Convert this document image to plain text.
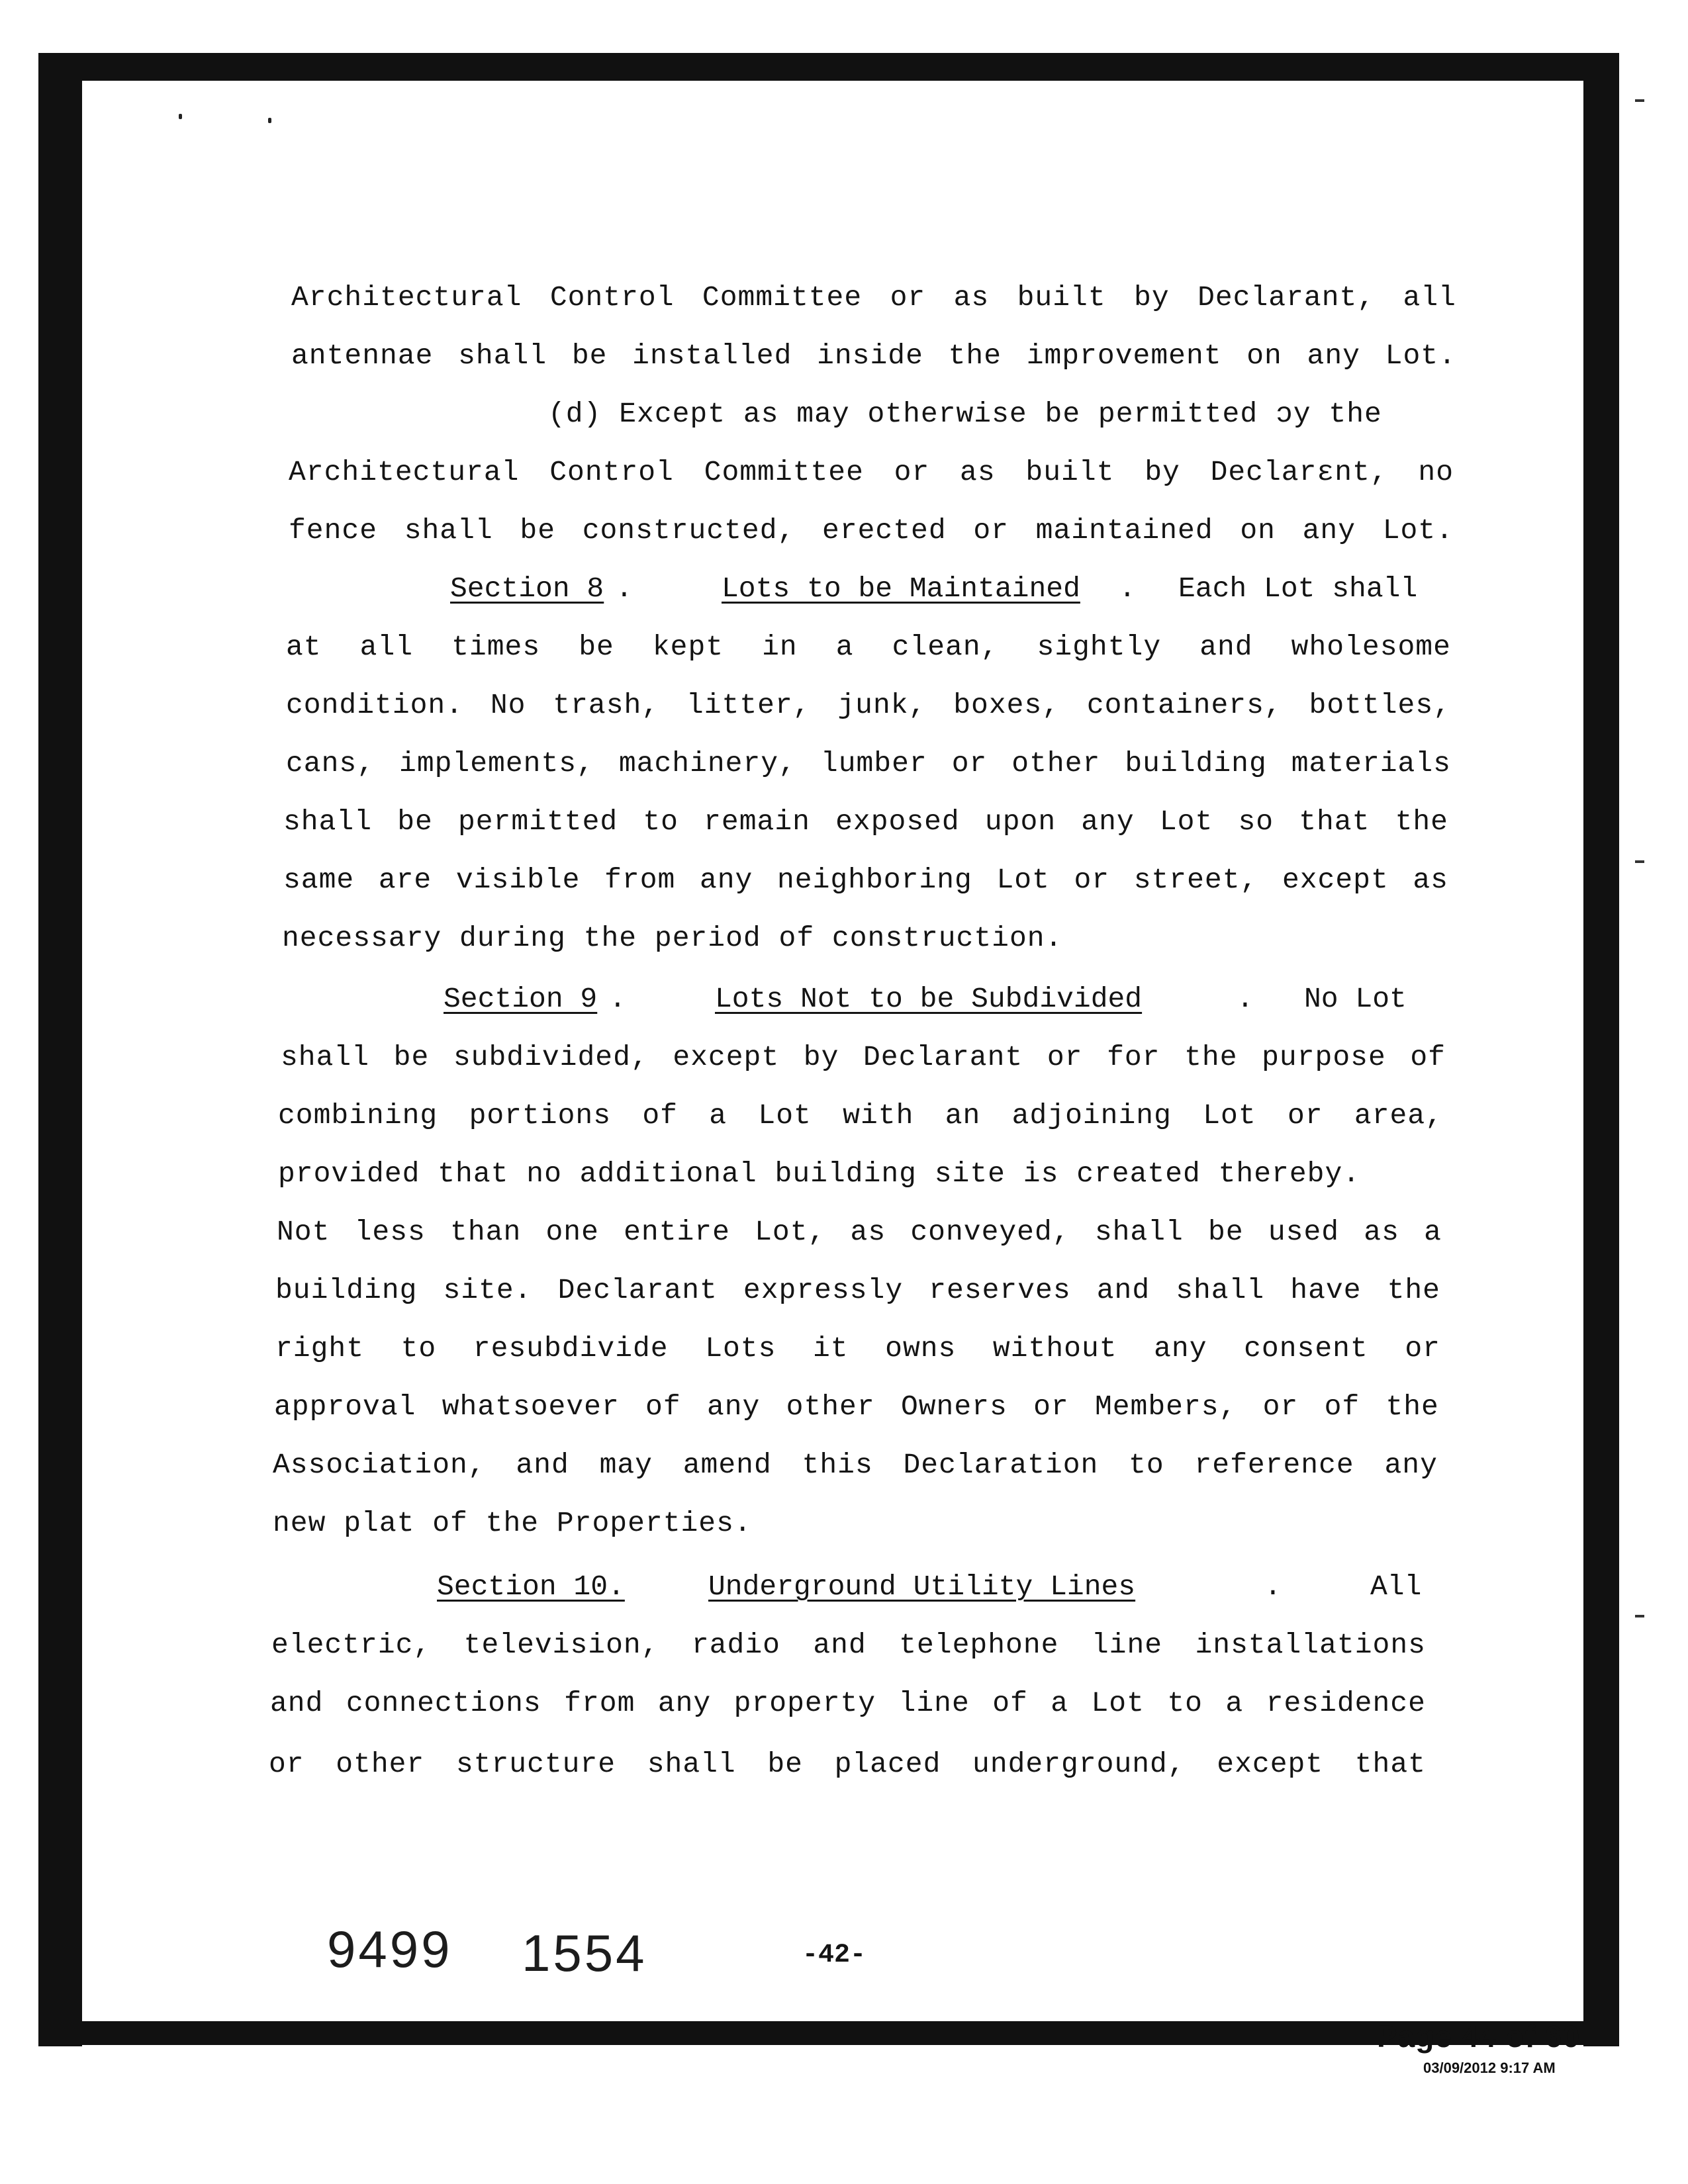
Architectural Control Committee or as built by Declarant, all
antennae shall be installed inside the improvement on any Lot.
(d) Except as may otherwise be permitted ɔy the
Architectural Control Committee or as built by Declarɛnt, no
fence shall be constructed, erected or maintained on any Lot.

Section 8

.

	Lots to be Maintained

.

Each Lot shall

at all times be kept in a clean, sightly and wholesome
condition. No trash, litter, junk, boxes, containers, bottles,
cans, implements, machinery, lumber or other building materials
shall be permitted to remain exposed upon any Lot so that the
same are visible from any neighboring Lot or street, except as
necessary during the period of construction.

Section 9

.

	Lots Not to be Subdivided

	.

No Lot

shall be subdivided, except by Declarant or for the purpose of
combining portions of a Lot with an adjoining Lot or area,
provided that no additional building site is created thereby.
Not less than one entire Lot, as conveyed, shall be used as a
building site. Declarant expressly reserves and shall have the
right to resubdivide Lots it owns without any consent or
approval whatsoever of any other Owners or Members, or of the
Association, and may amend this Declaration to reference any
new plat of the Properties.

Section 10.

	Underground Utility Lines

	.

	All

electric, television, radio and telephone line installations
and connections from any property line of a Lot to a residence
or other structure shall be placed underground, except that
9499 1554	-42-
Page 44 of 60
03/09/2012 9:17 AM
